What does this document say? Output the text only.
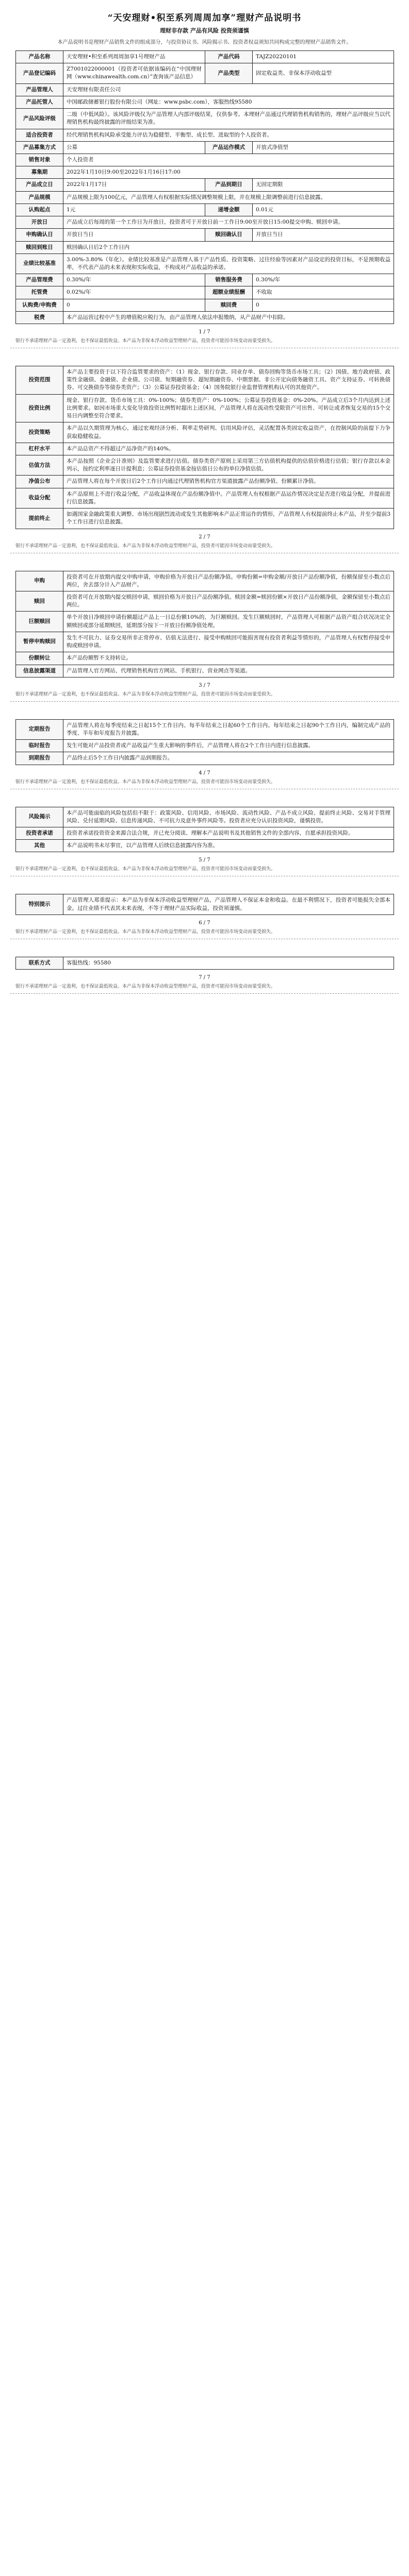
“天安理财•积至系列周周加享”理财产品说明书
理财非存款 产品有风险 投资须谨慎
本产品说明书是理财产品销售文件的组成部分，与投资协议书、风险揭示书、投资者权益须知共同构成完整的理财产品销售文件。
产品名称	天安理财•积至系列周周加享1号理财产品	产品代码	TAJZ20220101
产品登记编码	Z7001022000001（投资者可依据该编码在“中国理财网（www.chinawealth.com.cn）”查询该产品信息）	产品类型	固定收益类、非保本浮动收益型
产品管理人	天安理财有限责任公司		
产品托管人	中国邮政储蓄银行股份有限公司（网址：www.psbc.com），客服热线95580		
产品风险评级	二级（中低风险）。该风险评级仅为产品管理人内部评级结果，仅供参考。本理财产品通过代理销售机构销售的，理财产品评级应当以代理销售机构最终披露的评级结果为准。		
适合投资者	经代理销售机构风险承受能力评估为稳健型、平衡型、成长型、进取型的个人投资者。		
产品募集方式	公募	产品运作模式	开放式净值型
销售对象	个人投资者		
募集期	2022年1月10日9:00至2022年1月16日17:00		
产品成立日	2022年1月17日	产品到期日	无固定期限
产品规模	产品规模上限为100亿元，产品管理人有权根据实际情况调整规模上限，并在规模上限调整前进行信息披露。		
认购起点	1元	递增金额	0.01元
开放日	产品成立后每周的第一个工作日为开放日，投资者可于开放日前一工作日9:00至开放日15:00提交申购、赎回申请。		
申购确认日	开放日当日	赎回确认日	开放日当日
赎回到账日	赎回确认日后2个工作日内		
业绩比较基准	3.00%-3.80%（年化）。业绩比较基准是产品管理人基于产品性质、投资策略、过往经验等因素对产品设定的投资目标，不是预期收益率，不代表产品的未来表现和实际收益，不构成对产品收益的承诺。		
产品管理费	0.30%/年	销售服务费	0.30%/年
托管费	0.02%/年	超额业绩报酬	不收取
认购费/申购费	0	赎回费	0
税费	本产品运营过程中产生的增值税应税行为，由产品管理人依法申报缴纳，从产品财产中扣除。		
1 / 7
银行不承诺理财产品一定盈利，也不保证最低收益。本产品为非保本浮动收益型理财产品，投资者可能因市场变动而蒙受损失。
投资范围	本产品主要投资于以下符合监管要求的资产：（1）现金、银行存款、同业存单、债券回购等货币市场工具；（2）国债、地方政府债、政策性金融债、金融债、企业债、公司债、短期融资券、超短期融资券、中期票据、非公开定向债务融资工具、资产支持证券、可转换债券、可交换债券等债券类资产；（3）公募证券投资基金；（4）国务院银行业监督管理机构认可的其他资产。
投资比例	现金、银行存款、货币市场工具：0%-100%；债券类资产：0%-100%；公募证券投资基金：0%-20%。产品成立后3个月内达到上述比例要求。如因市场重大变化导致投资比例暂时超出上述区间，产品管理人将在流动性受限资产可出售、可转让或者恢复交易的15个交易日内调整至符合要求。
投资策略	本产品以久期管理为核心，通过宏观经济分析、利率走势研判、信用风险评估，灵活配置各类固定收益资产，在控制风险的前提下力争获取稳健收益。
杠杆水平	本产品总资产不得超过产品净资产的140%。
估值方法	本产品按照《企业会计准则》及监管要求进行估值。债券类资产原则上采用第三方估值机构提供的估值价格进行估值；银行存款以本金列示，按约定利率逐日计提利息；公募证券投资基金按估值日公布的单位净值估值。
净值公布	产品管理人将在每个开放日后2个工作日内通过代理销售机构官方渠道披露产品份额净值、份额累计净值。
收益分配	本产品原则上不进行收益分配，产品收益体现在产品份额净值中。产品管理人有权根据产品运作情况决定是否进行收益分配，并提前进行信息披露。
提前终止	如遇国家金融政策重大调整、市场出现剧烈波动或发生其他影响本产品正常运作的情形，产品管理人有权提前终止本产品，并至少提前3个工作日进行信息披露。
2 / 7
银行不承诺理财产品一定盈利，也不保证最低收益。本产品为非保本浮动收益型理财产品，投资者可能因市场变动而蒙受损失。
申购	投资者可在开放期内提交申购申请，申购价格为开放日产品份额净值。申购份额=申购金额/开放日产品份额净值，份额保留至小数点后两位，舍去部分计入产品财产。
赎回	投资者可在开放期内提交赎回申请，赎回价格为开放日产品份额净值。赎回金额=赎回份额×开放日产品份额净值，金额保留至小数点后两位。
巨额赎回	单个开放日净赎回申请份额超过产品上一日总份额10%的，为巨额赎回。发生巨额赎回时，产品管理人可根据产品资产组合状况决定全额赎回或部分延期赎回，延期部分按下一开放日份额净值处理。
暂停申购赎回	发生不可抗力、证券交易所非正常停市、估值无法进行、接受申购赎回可能损害现有投资者利益等情形的，产品管理人有权暂停接受申购或赎回申请。
份额转让	本产品份额暂不支持转让。
信息披露渠道	产品管理人官方网站、代理销售机构官方网站、手机银行、营业网点等渠道。
3 / 7
银行不承诺理财产品一定盈利，也不保证最低收益。本产品为非保本浮动收益型理财产品，投资者可能因市场变动而蒙受损失。
定期报告	产品管理人将在每季度结束之日起15个工作日内、每半年结束之日起60个工作日内、每年结束之日起90个工作日内，编制完成产品的季度、半年和年度报告并披露。
临时报告	发生可能对产品投资者或产品收益产生重大影响的事件后，产品管理人将在2个工作日内进行信息披露。
到期报告	产品终止后5个工作日内披露产品到期报告。
4 / 7
银行不承诺理财产品一定盈利，也不保证最低收益。本产品为非保本浮动收益型理财产品，投资者可能因市场变动而蒙受损失。
风险揭示	本产品可能面临的风险包括但不限于：政策风险、信用风险、市场风险、流动性风险、产品不成立风险、提前终止风险、交易对手管理风险、兑付延期风险、信息传递风险、不可抗力及意外事件风险等。投资者应充分认识投资风险，谨慎投资。
投资者承诺	投资者承诺投资资金来源合法合规，并已充分阅读、理解本产品说明书及其他销售文件的全部内容，自愿承担投资风险。
其他	本产品说明书未尽事宜，以产品管理人后续信息披露内容为准。
5 / 7
银行不承诺理财产品一定盈利，也不保证最低收益。本产品为非保本浮动收益型理财产品，投资者可能因市场变动而蒙受损失。
特别提示	产品管理人郑重提示：本产品为非保本浮动收益型理财产品，产品管理人不保证本金和收益。在最不利情况下，投资者可能损失全部本金。过往业绩不代表其未来表现，不等于理财产品实际收益，投资须谨慎。
6 / 7
银行不承诺理财产品一定盈利，也不保证最低收益。本产品为非保本浮动收益型理财产品，投资者可能因市场变动而蒙受损失。
联系方式	客服热线：95580
7 / 7
银行不承诺理财产品一定盈利，也不保证最低收益。本产品为非保本浮动收益型理财产品，投资者可能因市场变动而蒙受损失。
